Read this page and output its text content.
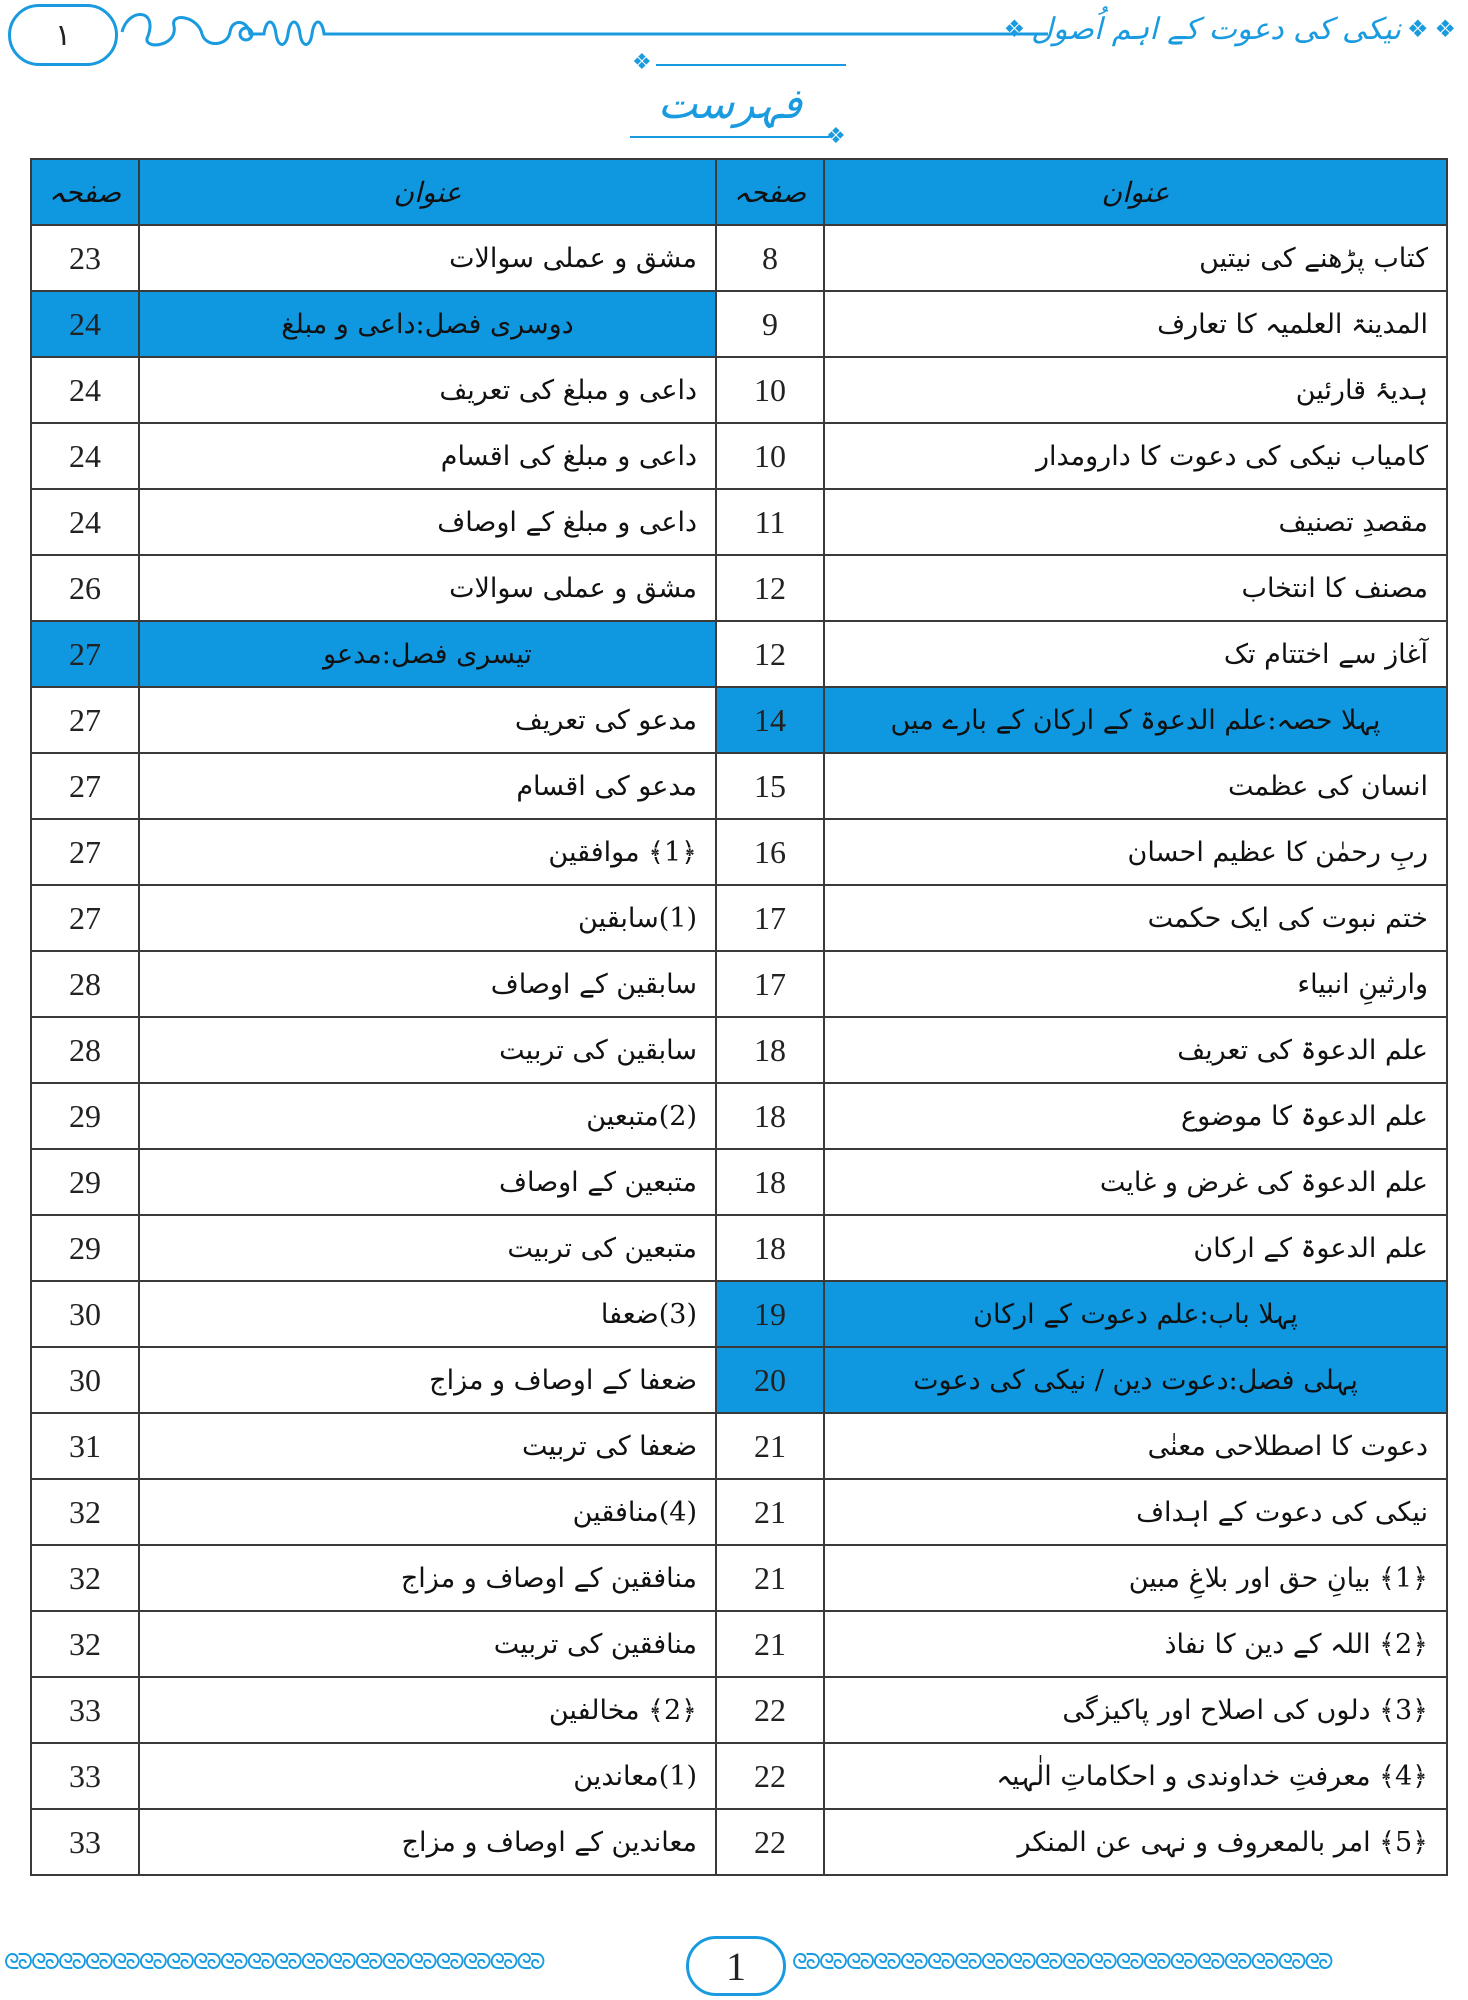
١	❖
❖
نیکی کی دعوت کے اہم اُصول
❖
❖
فہرست
❖
صفحہ	عنوان	صفحہ	عنوان
23	مشق و عملی سوالات	8	کتاب پڑھنے کی نیتیں
24	دوسری فصل:داعی و مبلغ	9	المدینۃ العلمیہ کا تعارف
24	داعی و مبلغ کی تعریف	10	ہدیۂ قارئین
24	داعی و مبلغ کی اقسام	10	کامیاب نیکی کی دعوت کا دارومدار
24	داعی و مبلغ کے اوصاف	11	مقصدِ تصنیف
26	مشق و عملی سوالات	12	مصنف کا انتخاب
27	تیسری فصل:مدعو	12	آغاز سے اختتام تک
27	مدعو کی تعریف	14	پہلا حصہ:علم الدعوۃ کے ارکان کے بارے میں
27	مدعو کی اقسام	15	انسان کی عظمت
27	﴿1﴾ موافقین	16	ربِ رحمٰن کا عظیم احسان
27	(1)سابقین	17	ختم نبوت کی ایک حکمت
28	سابقین کے اوصاف	17	وارثینِ انبیاء
28	سابقین کی تربیت	18	علم الدعوۃ کی تعریف
29	(2)متبعین	18	علم الدعوۃ کا موضوع
29	متبعین کے اوصاف	18	علم الدعوۃ کی غرض و غایت
29	متبعین کی تربیت	18	علم الدعوۃ کے ارکان
30	(3)ضعفا	19	پہلا باب:علم دعوت کے ارکان
30	ضعفا کے اوصاف و مزاج	20	پہلی فصل:دعوت دین / نیکی کی دعوت
31	ضعفا کی تربیت	21	دعوت کا اصطلاحی معنٰی
32	(4)منافقین	21	نیکی کی دعوت کے اہداف
32	منافقین کے اوصاف و مزاج	21	﴿1﴾ بیانِ حق اور بلاغِ مبین
32	منافقین کی تربیت	21	﴿2﴾ اللہ کے دین کا نفاذ
33	﴿2﴾ مخالفین	22	﴿3﴾ دلوں کی اصلاح اور پاکیزگی
33	(1)معاندین	22	﴿4﴾ معرفتِ خداوندی و احکاماتِ الٰہیہ
33	معاندین کے اوصاف و مزاج	22	﴿5﴾ امر بالمعروف و نہی عن المنکر
ᘓᘐᘓᘐᘓᘐᘓᘐᘓᘐᘓᘐᘓᘐᘓᘐᘓᘐᘓᘐᘓᘐᘓᘐᘓᘐᘓᘐᘓᘐᘓᘐᘓᘐᘓᘐᘓᘐᘓᘐ	ᘓᘐᘓᘐᘓᘐᘓᘐᘓᘐᘓᘐᘓᘐᘓᘐᘓᘐᘓᘐᘓᘐᘓᘐᘓᘐᘓᘐᘓᘐᘓᘐᘓᘐᘓᘐᘓᘐᘓᘐ
1
